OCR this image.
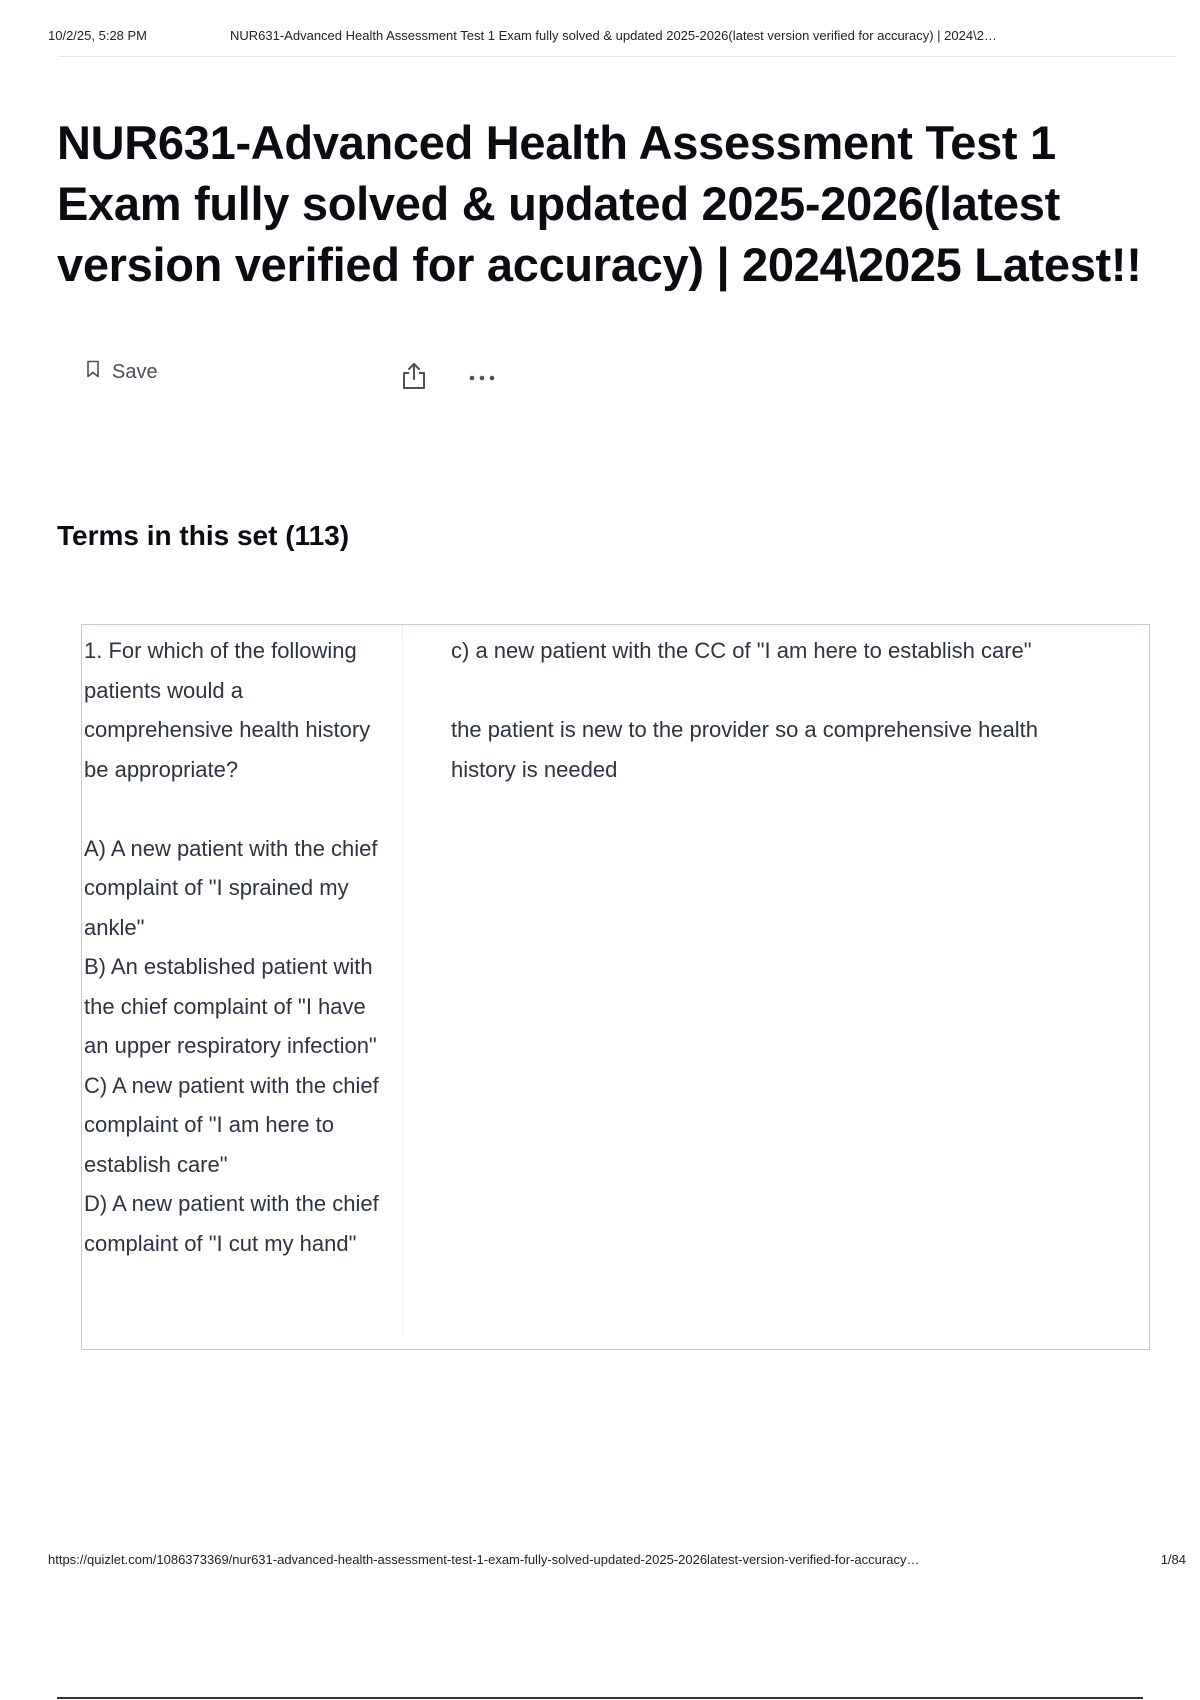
10/2/25, 5:28 PM	NUR631-Advanced Health Assessment Test 1 Exam fully solved & updated 2025-2026(latest version verified for accuracy) | 2024\2…
NUR631-Advanced Health Assessment Test 1 Exam fully solved & updated 2025-2026(latest version verified for accuracy) | 2024\2025 Latest!!
Save
Terms in this set (113)

1. For which of the following patients would a comprehensive health history be appropriate?

A) A new patient with the chief complaint of "I sprained my ankle"
B) An established patient with the chief complaint of "I have an upper respiratory infection"
C) A new patient with the chief complaint of "I am here to establish care"
D) A new patient with the chief complaint of "I cut my hand"

c) a new patient with the CC of "I am here to establish care"

the patient is new to the provider so a comprehensive health history is needed

https://quizlet.com/1086373369/nur631-advanced-health-assessment-test-1-exam-fully-solved-updated-2025-2026latest-version-verified-for-accuracy…	1/84
